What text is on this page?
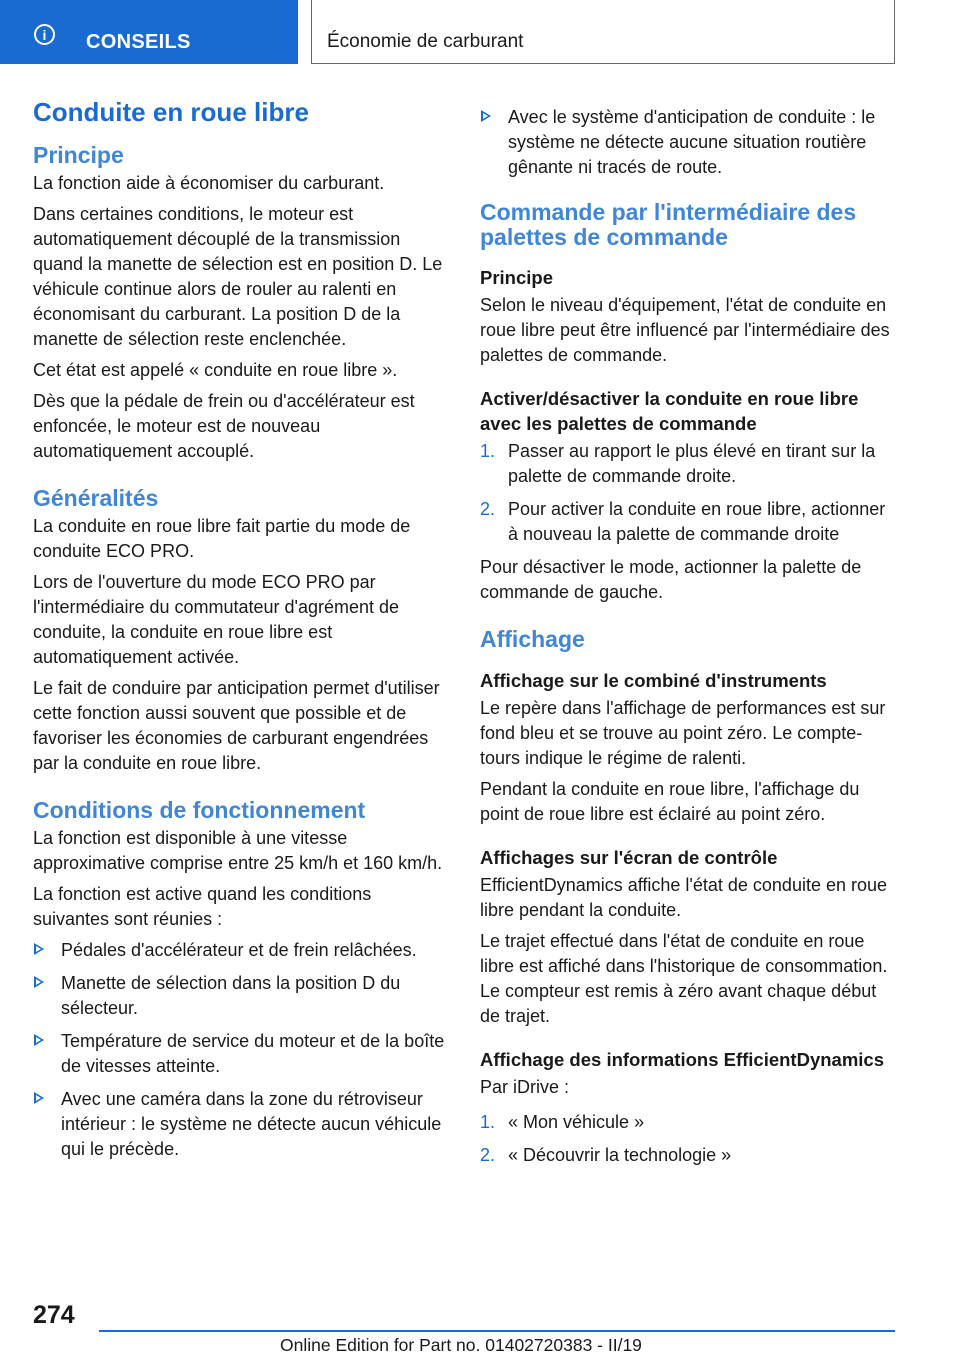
i	CONSEILS	Économie de carburant
Conduite en roue libre
Principe

La fonction aide à économiser du carburant.

Dans certaines conditions, le moteur est automatiquement découplé de la transmission quand la manette de sélection est en position D. Le véhicule continue alors de rouler au ralenti en économisant du carburant. La position D de la manette de sélection reste enclenchée.

Cet état est appelé « conduite en roue libre ».

Dès que la pédale de frein ou d'accélérateur est enfoncée, le moteur est de nouveau automatiquement accouplé.

Généralités

La conduite en roue libre fait partie du mode de conduite ECO PRO.

Lors de l'ouverture du mode ECO PRO par l'intermédiaire du commutateur d'agrément de conduite, la conduite en roue libre est automatiquement activée.

Le fait de conduire par anticipation permet d'utiliser cette fonction aussi souvent que possible et de favoriser les économies de carburant engendrées par la conduite en roue libre.

Conditions de fonctionnement

La fonction est disponible à une vitesse approximative comprise entre 25 km/h et 160 km/h.

La fonction est active quand les conditions suivantes sont réunies :

Pédales d'accélérateur et de frein relâchées.
Manette de sélection dans la position D du sélecteur.
Température de service du moteur et de la boîte de vitesses atteinte.
Avec une caméra dans la zone du rétroviseur intérieur : le système ne détecte aucun véhicule qui le précède.
Avec le système d'anticipation de conduite : le système ne détecte aucune situation routière gênante ni tracés de route.
Commande par l'intermédiaire des palettes de commande
Principe

Selon le niveau d'équipement, l'état de conduite en roue libre peut être influencé par l'intermédiaire des palettes de commande.

Activer/désactiver la conduite en roue libre avec les palettes de commande
1. Passer au rapport le plus élevé en tirant sur la palette de commande droite.
2. Pour activer la conduite en roue libre, actionner à nouveau la palette de commande droite

Pour désactiver le mode, actionner la palette de commande de gauche.

Affichage
Affichage sur le combiné d'instruments

Le repère dans l'affichage de performances est sur fond bleu et se trouve au point zéro. Le compte-tours indique le régime de ralenti.

Pendant la conduite en roue libre, l'affichage du point de roue libre est éclairé au point zéro.

Affichages sur l'écran de contrôle

EfficientDynamics affiche l'état de conduite en roue libre pendant la conduite.

Le trajet effectué dans l'état de conduite en roue libre est affiché dans l'historique de consommation. Le compteur est remis à zéro avant chaque début de trajet.

Affichage des informations EfficientDynamics

Par iDrive :

1. « Mon véhicule »
2. « Découvrir la technologie »
274
Online Edition for Part no. 01402720383 - II/19
